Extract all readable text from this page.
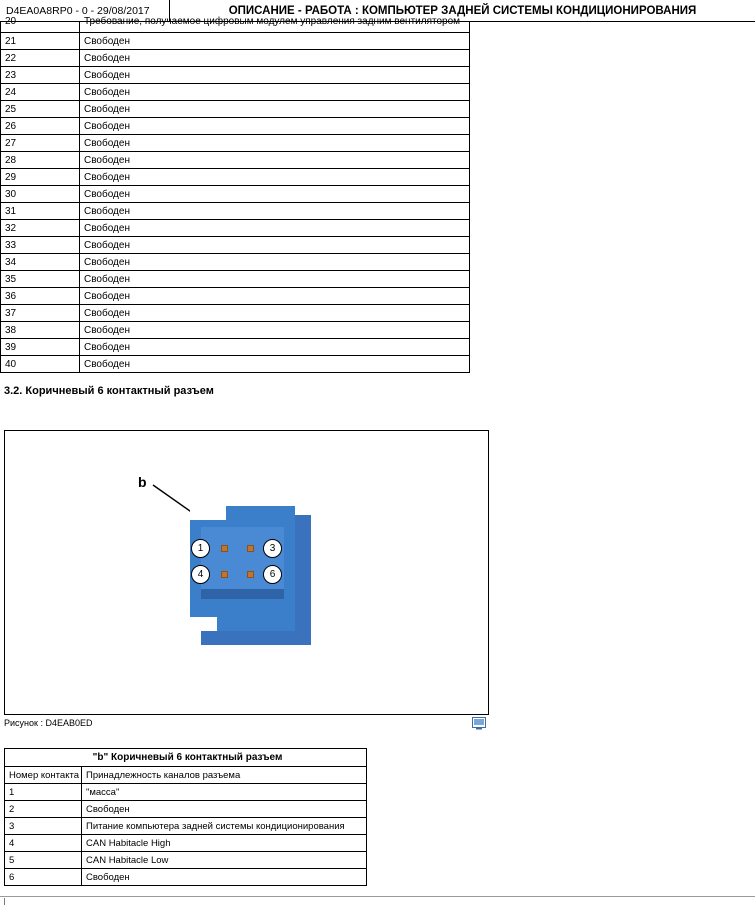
D4EA0A8RP0 - 0 - 29/08/2017	ОПИСАНИЕ - РАБОТА : КОМПЬЮТЕР ЗАДНЕЙ СИСТЕМЫ КОНДИЦИОНИРОВАНИЯ
20	Требование, получаемое цифровым модулем управления задним вентилятором
21	Свободен
22	Свободен
23	Свободен
24	Свободен
25	Свободен
26	Свободен
27	Свободен
28	Свободен
29	Свободен
30	Свободен
31	Свободен
32	Свободен
33	Свободен
34	Свободен
35	Свободен
36	Свободен
37	Свободен
38	Свободен
39	Свободен
40	Свободен
3.2. Коричневый 6 контактный разъем
b
1	3
4	6
Рисунок : D4EAB0ED
"b" Коричневый 6 контактный разъем	
Номер контакта	Принадлежность каналов разъема
1	"масса"
2	Свободен
3	Питание компьютера задней системы кондиционирования
4	CAN Habitacle High
5	CAN Habitacle Low
6	Свободен
